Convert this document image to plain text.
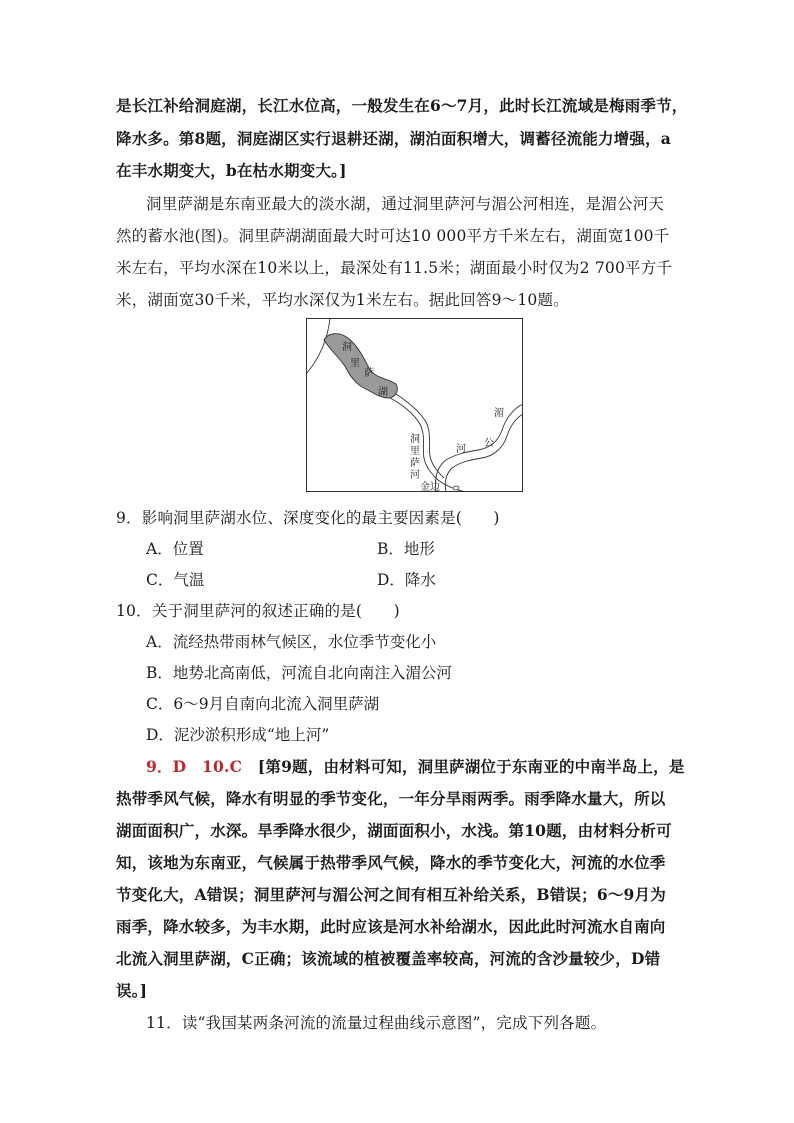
是长江补给洞庭湖，长江水位高，一般发生在6～7月，此时长江流域是梅雨季节，
降水多。第8题，洞庭湖区实行退耕还湖，湖泊面积增大，调蓄径流能力增强，a
在丰水期变大，b在枯水期变大。]
洞里萨湖是东南亚最大的淡水湖，通过洞里萨河与湄公河相连，是湄公河天
然的蓄水池(图)。洞里萨湖湖面最大时可达10 000平方千米左右，湖面宽100千
米左右，平均水深在10米以上，最深处有11.5米；湖面最小时仅为2 700平方千
米，湖面宽30千米，平均水深仅为1米左右。据此回答9～10题。
洞
里
萨
湖
洞
里
萨
河
湄
公
河
金边
9．影响洞里萨湖水位、深度变化的最主要因素是(　　)
A．位置	B．地形
C．气温	D．降水
10．关于洞里萨河的叙述正确的是(　　)
A．流经热带雨林气候区，水位季节变化小
B．地势北高南低，河流自北向南注入湄公河
C．6～9月自南向北流入洞里萨湖
D．泥沙淤积形成“地上河”
9．D　10.C　[第9题，由材料可知，洞里萨湖位于东南亚的中南半岛上，是
热带季风气候，降水有明显的季节变化，一年分旱雨两季。雨季降水量大，所以
湖面面积广，水深。旱季降水很少，湖面面积小，水浅。第10题，由材料分析可
知，该地为东南亚，气候属于热带季风气候，降水的季节变化大，河流的水位季
节变化大，A错误；洞里萨河与湄公河之间有相互补给关系，B错误；6～9月为
雨季，降水较多，为丰水期，此时应该是河水补给湖水，因此此时河流水自南向
北流入洞里萨湖，C正确；该流域的植被覆盖率较高，河流的含沙量较少，D错
误。]
11．读“我国某两条河流的流量过程曲线示意图”，完成下列各题。
